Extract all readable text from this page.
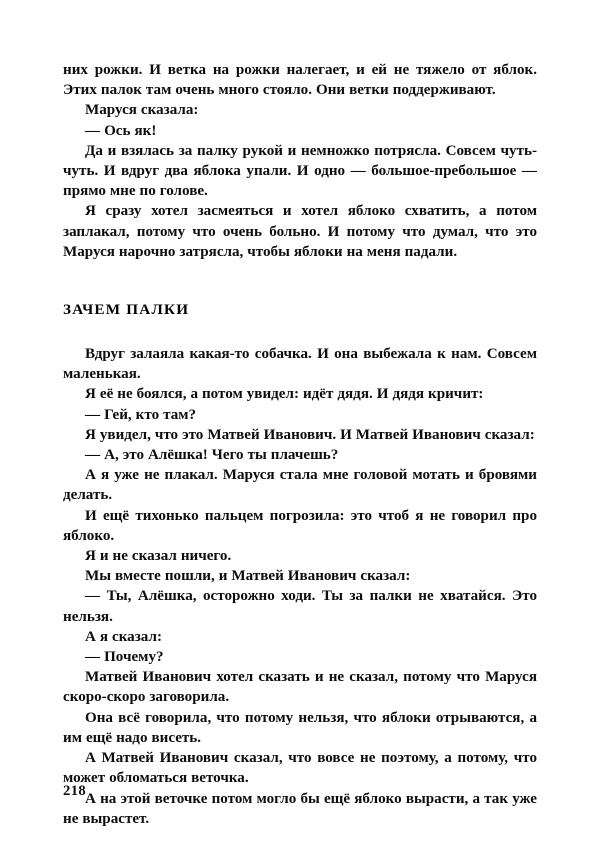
них рожки. И ветка на рожки налегает, и ей не тяжело от яблок. Этих палок там очень много стояло. Они ветки поддерживают.

Маруся сказала:

— Ось як!

Да и взялась за палку рукой и немножко потрясла. Совсем чуть-чуть. И вдруг два яблока упали. И одно — большое-пребольшое — прямо мне по голове.

Я сразу хотел засмеяться и хотел яблоко схватить, а потом заплакал, потому что очень больно. И потому что думал, что это Маруся нарочно затрясла, чтобы яблоки на меня падали.

ЗАЧЕМ ПАЛКИ

Вдруг залаяла какая-то собачка. И она выбежала к нам. Совсем маленькая.

Я её не боялся, а потом увидел: идёт дядя. И дядя кричит:

— Гей, кто там?

Я увидел, что это Матвей Иванович. И Матвей Иванович сказал:

— А, это Алёшка! Чего ты плачешь?

А я уже не плакал. Маруся стала мне головой мотать и бровями делать.

И ещё тихонько пальцем погрозила: это чтоб я не говорил про яблоко.

Я и не сказал ничего.

Мы вместе пошли, и Матвей Иванович сказал:

— Ты, Алёшка, осторожно ходи. Ты за палки не хватайся. Это нельзя.

А я сказал:

— Почему?

Матвей Иванович хотел сказать и не сказал, потому что Маруся скоро-скоро заговорила.

Она всё говорила, что потому нельзя, что яблоки отрываются, а им ещё надо висеть.

А Матвей Иванович сказал, что вовсе не поэтому, а потому, что может обломаться веточка.

А на этой веточке потом могло бы ещё яблоко вырасти, а так уже не вырастет.

218
